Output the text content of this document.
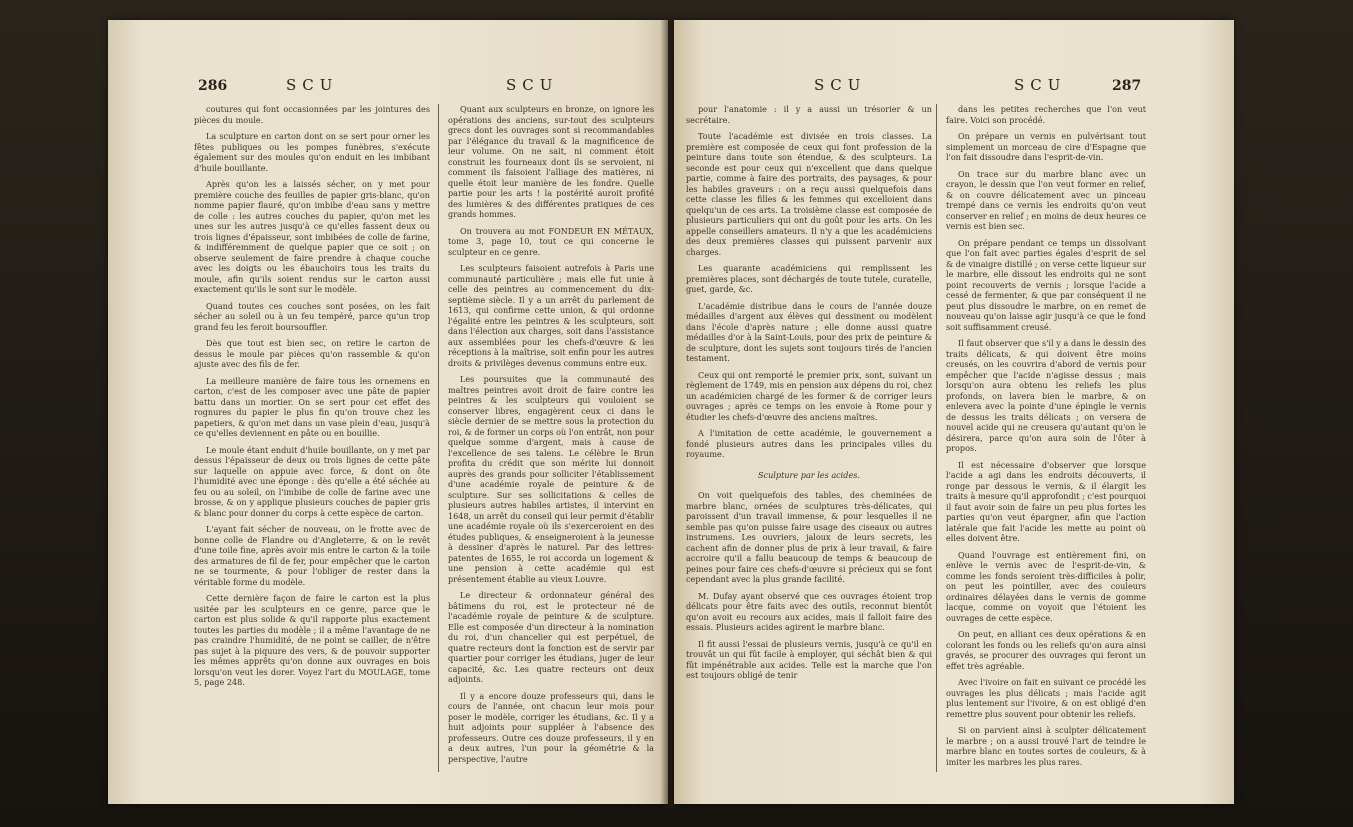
286	SCU	SCU

coutures qui font occasionnées par les jointures des pièces du moule.

La sculpture en carton dont on se sert pour orner les fêtes publiques ou les pompes funèbres, s'exécute également sur des moules qu'on enduit en les imbibant d'huile bouillante.

Après qu'on les a laissés sécher, on y met pour première couche des feuilles de papier gris-blanc, qu'on nomme papier flauré, qu'on imbibe d'eau sans y mettre de colle : les autres couches du papier, qu'on met les unes sur les autres jusqu'à ce qu'elles fassent deux ou trois lignes d'épaisseur, sont imbibées de colle de farine, & indifféremment de quelque papier que ce soit ; on observe seulement de faire prendre à chaque couche avec les doigts ou les ébauchoirs tous les traits du moule, afin qu'ils soient rendus sur le carton aussi exactement qu'ils le sont sur le modèle.

Quand toutes ces couches sont posées, on les fait sécher au soleil ou à un feu tempéré, parce qu'un trop grand feu les feroit boursouffler.

Dès que tout est bien sec, on retire le carton de dessus le moule par pièces qu'on rassemble & qu'on ajuste avec des fils de fer.

La meilleure manière de faire tous les ornemens en carton, c'est de les composer avec une pâte de papier battu dans un mortier. On se sert pour cet effet des rognures du papier le plus fin qu'on trouve chez les papetiers, & qu'on met dans un vase plein d'eau, jusqu'à ce qu'elles deviennent en pâte ou en bouillie.

Le moule étant enduit d'huile bouillante, on y met par dessus l'épaisseur de deux ou trois lignes de cette pâte sur laquelle on appuie avec force, & dont on ôte l'humidité avec une éponge : dès qu'elle a été séchée au feu ou au soleil, on l'imbibe de colle de farine avec une brosse, & on y applique plusieurs couches de papier gris & blanc pour donner du corps à cette espèce de carton.

L'ayant fait sécher de nouveau, on le frotte avec de bonne colle de Flandre ou d'Angleterre, & on le revêt d'une toile fine, après avoir mis entre le carton & la toile des armatures de fil de fer, pour empêcher que le carton ne se tourmente, & pour l'obliger de rester dans la véritable forme du modèle.

Cette dernière façon de faire le carton est la plus usitée par les sculpteurs en ce genre, parce que le carton est plus solide & qu'il rapporte plus exactement toutes les parties du modèle ; il a même l'avantage de ne pas craindre l'humidité, de ne point se cailler, de n'être pas sujet à la piquure des vers, & de pouvoir supporter les mêmes apprêts qu'on donne aux ouvrages en bois lorsqu'on veut les dorer. Voyez l'art du MOULAGE, tome 5, page 248.

Quant aux sculpteurs en bronze, on ignore les opérations des anciens, sur-tout des sculpteurs grecs dont les ouvrages sont si recommandables par l'élégance du travail & la magnificence de leur volume. On ne sait, ni comment étoit construit les fourneaux dont ils se servoient, ni comment ils faisoient l'alliage des matières, ni quelle étoit leur manière de les fondre. Quelle partie pour les arts ! la postérité auroit profité des lumières & des différentes pratiques de ces grands hommes.

On trouvera au mot FONDEUR EN MÉTAUX, tome 3, page 10, tout ce qui concerne le sculpteur en ce genre.

Les sculpteurs faisoient autrefois à Paris une communauté particulière ; mais elle fut unie à celle des peintres au commencement du dix-septième siècle. Il y a un arrêt du parlement de 1613, qui confirme cette union, & qui ordonne l'égalité entre les peintres & les sculpteurs, soit dans l'élection aux charges, soit dans l'assistance aux assemblées pour les chefs-d'œuvre & les réceptions à la maîtrise, soit enfin pour les autres droits & privilèges devenus communs entre eux.

Les poursuites que la communauté des maîtres peintres avoit droit de faire contre les peintres & les sculpteurs qui vouloient se conserver libres, engagèrent ceux ci dans le siècle dernier de se mettre sous la protection du roi, & de former un corps où l'on entrât, non pour quelque somme d'argent, mais à cause de l'excellence de ses talens. Le célèbre le Brun profita du crédit que son mérite lui donnoit auprès des grands pour solliciter l'établissement d'une académie royale de peinture & de sculpture. Sur ses sollicitations & celles de plusieurs autres habiles artistes, il intervint en 1648, un arrêt du conseil qui leur permit d'établir une académie royale où ils s'exerceroient en des études publiques, & enseigneroient à la jeunesse à dessiner d'après le naturel. Par des lettres-patentes de 1655, le roi accorda un logement & une pension à cette académie qui est présentement établie au vieux Louvre.

Le directeur & ordonnateur général des bâtimens du roi, est le protecteur né de l'académie royale de peinture & de sculpture. Elle est composée d'un directeur à la nomination du roi, d'un chancelier qui est perpétuel, de quatre recteurs dont la fonction est de servir par quartier pour corriger les étudians, juger de leur capacité, &c. Les quatre recteurs ont deux adjoints.

Il y a encore douze professeurs qui, dans le cours de l'année, ont chacun leur mois pour poser le modèle, corriger les étudians, &c. Il y a huit adjoints pour suppléer à l'absence des professeurs. Outre ces douze professeurs, il y en a deux autres, l'un pour la géométrie & la perspective, l'autre

SCU	SCU	287

pour l'anatomie : il y a aussi un trésorier & un secrétaire.

Toute l'académie est divisée en trois classes. La première est composée de ceux qui font profession de la peinture dans toute son étendue, & des sculpteurs. La seconde est pour ceux qui n'excellent que dans quelque partie, comme à faire des portraits, des paysages, & pour les habiles graveurs : on a reçu aussi quelquefois dans cette classe les filles & les femmes qui excelloient dans quelqu'un de ces arts. La troisième classe est composée de plusieurs particuliers qui ont du goût pour les arts. On les appelle conseillers amateurs. Il n'y a que les académiciens des deux premières classes qui puissent parvenir aux charges.

Les quarante académiciens qui remplissent les premières places, sont déchargés de toute tutele, curatelle, guet, garde, &c.

L'académie distribue dans le cours de l'année douze médailles d'argent aux élèves qui dessinent ou modèlent dans l'école d'après nature ; elle donne aussi quatre médailles d'or à la Saint-Louis, pour des prix de peinture & de sculpture, dont les sujets sont toujours tirés de l'ancien testament.

Ceux qui ont remporté le premier prix, sont, suivant un règlement de 1749, mis en pension aux dépens du roi, chez un académicien chargé de les former & de corriger leurs ouvrages ; après ce temps on les envoie à Rome pour y étudier les chefs-d'œuvre des anciens maîtres.

A l'imitation de cette académie, le gouvernement a fondé plusieurs autres dans les principales villes du royaume.

Sculpture par les acides.

On voit quelquefois des tables, des cheminées de marbre blanc, ornées de sculptures très-délicates, qui paroissent d'un travail immense, & pour lesquelles il ne semble pas qu'on puisse faire usage des ciseaux ou autres instrumens. Les ouvriers, jaloux de leurs secrets, les cachent afin de donner plus de prix à leur travail, & faire accroire qu'il a fallu beaucoup de temps & beaucoup de peines pour faire ces chefs-d'œuvre si précieux qui se font cependant avec la plus grande facilité.

M. Dufay ayant observé que ces ouvrages étoient trop délicats pour être faits avec des outils, reconnut bientôt qu'on avoit eu recours aux acides, mais il falloit faire des essais. Plusieurs acides agirent le marbre blanc.

Il fit aussi l'essai de plusieurs vernis, jusqu'à ce qu'il en trouvât un qui fût facile à employer, qui séchât bien & qui fût impénétrable aux acides. Telle est la marche que l'on est toujours obligé de tenir

dans les petites recherches que l'on veut faire. Voici son procédé.

On prépare un vernis en pulvérisant tout simplement un morceau de cire d'Espagne que l'on fait dissoudre dans l'esprit-de-vin.

On trace sur du marbre blanc avec un crayon, le dessin que l'on veut former en relief, & on couvre délicatement avec un pinceau trempé dans ce vernis les endroits qu'on veut conserver en relief ; en moins de deux heures ce vernis est bien sec.

On prépare pendant ce temps un dissolvant que l'on fait avec parties égales d'esprit de sel & de vinaigre distillé ; on verse cette liqueur sur le marbre, elle dissout les endroits qui ne sont point recouverts de vernis ; lorsque l'acide a cessé de fermenter, & que par conséquent il ne peut plus dissoudre le marbre, on en remet de nouveau qu'on laisse agir jusqu'à ce que le fond soit suffisamment creusé.

Il faut observer que s'il y a dans le dessin des traits délicats, & qui doivent être moins creusés, on les couvrira d'abord de vernis pour empêcher que l'acide n'agisse dessus ; mais lorsqu'on aura obtenu les reliefs les plus profonds, on lavera bien le marbre, & on enlevera avec la pointe d'une épingle le vernis de dessus les traits délicats ; on versera de nouvel acide qui ne creusera qu'autant qu'on le désirera, parce qu'on aura soin de l'ôter à propos.

Il est nécessaire d'observer que lorsque l'acide a agi dans les endroits découverts, il ronge par dessous le vernis, & il élargit les traits à mesure qu'il approfondit ; c'est pourquoi il faut avoir soin de faire un peu plus fortes les parties qu'on veut épargner, afin que l'action latérale que fait l'acide les mette au point où elles doivent être.

Quand l'ouvrage est entièrement fini, on enlève le vernis avec de l'esprit-de-vin, & comme les fonds seroient très-difficiles à polir, on peut les pointiller, avec des couleurs ordinaires délayées dans le vernis de gomme lacque, comme on voyoit que l'étoient les ouvrages de cette espèce.

On peut, en alliant ces deux opérations & en colorant les fonds ou les reliefs qu'on aura ainsi gravés, se procurer des ouvrages qui feront un effet très agréable.

Avec l'ivoire on fait en suivant ce procédé les ouvrages les plus délicats ; mais l'acide agit plus lentement sur l'ivoire, & on est obligé d'en remettre plus souvent pour obtenir les reliefs.

Si on parvient ainsi à sculpter délicatement le marbre ; on a aussi trouvé l'art de teindre le marbre blanc en toutes sortes de couleurs, & à imiter les marbres les plus rares.
